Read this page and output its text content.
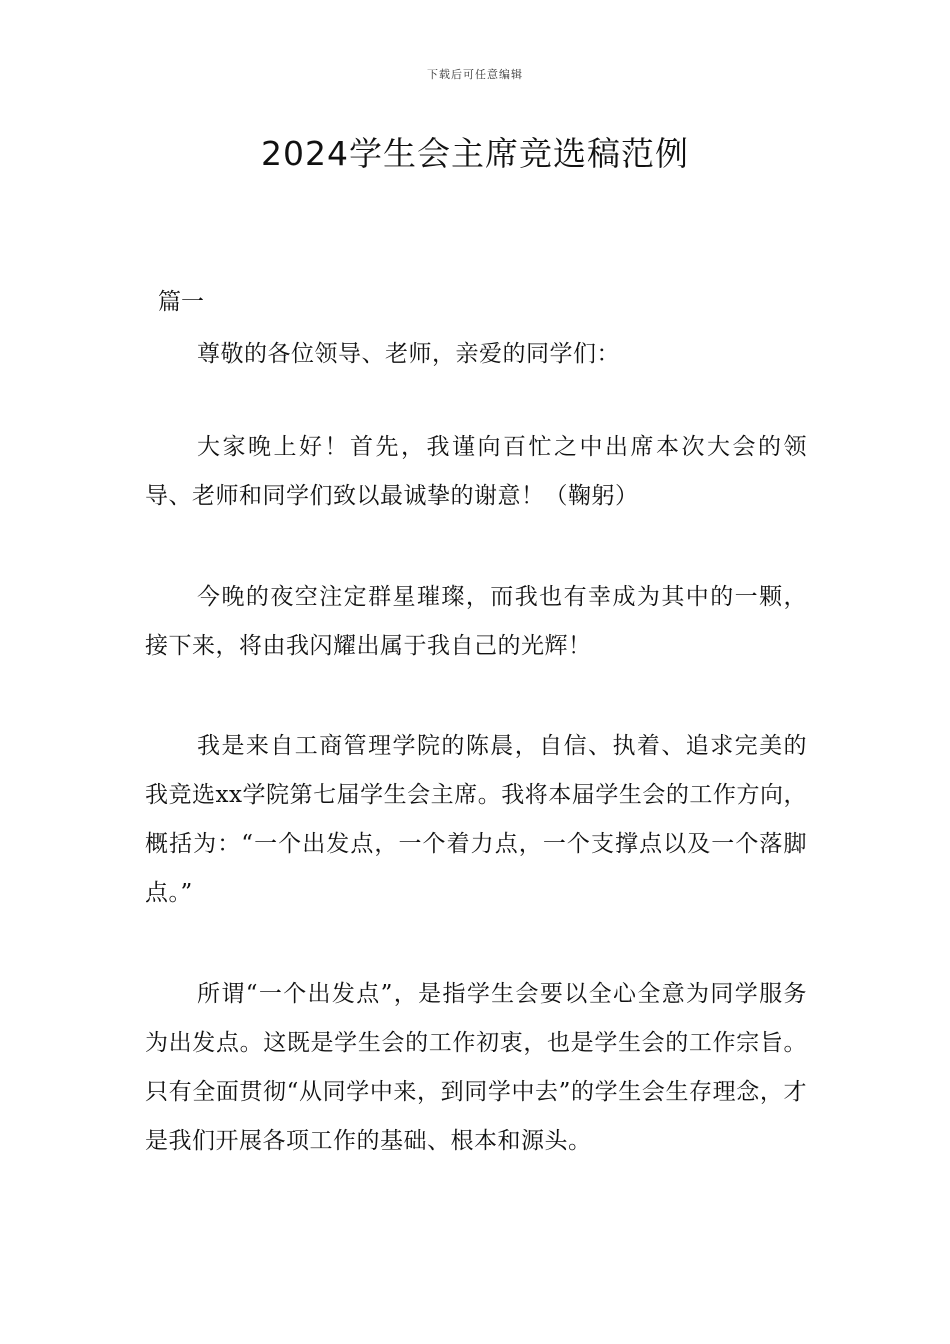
下载后可任意编辑
2024学生会主席竞选稿范例
篇一
尊敬的各位领导、老师，亲爱的同学们：
大家晚上好！首先，我谨向百忙之中出席本次大会的领导、老师和同学们致以最诚挚的谢意！（鞠躬）
今晚的夜空注定群星璀璨，而我也有幸成为其中的一颗，接下来，将由我闪耀出属于我自己的光辉！
我是来自工商管理学院的陈晨，自信、执着、追求完美的我竞选xx学院第七届学生会主席。我将本届学生会的工作方向，概括为：“一个出发点，一个着力点，一个支撑点以及一个落脚点。”
所谓“一个出发点”，是指学生会要以全心全意为同学服务为出发点。这既是学生会的工作初衷，也是学生会的工作宗旨。只有全面贯彻“从同学中来，到同学中去”的学生会生存理念，才是我们开展各项工作的基础、根本和源头。
